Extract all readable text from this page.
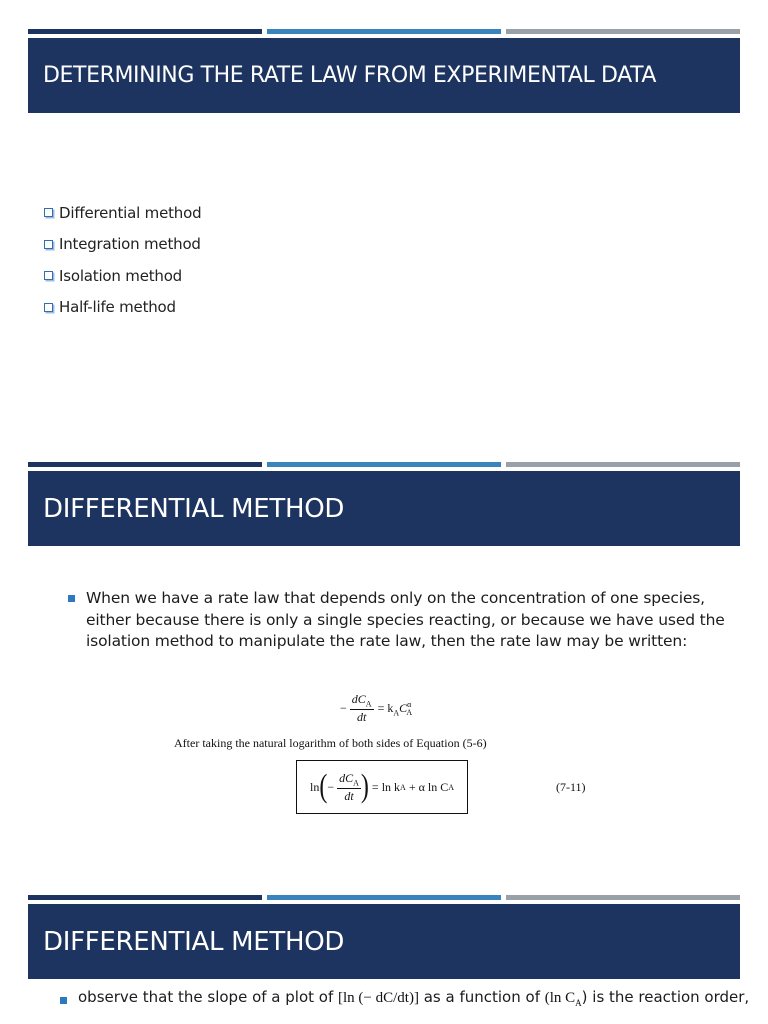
DETERMINING THE RATE LAW FROM EXPERIMENTAL DATA
Differential method
Integration method
Isolation method
Half-life method
DIFFERENTIAL METHOD
When we have a rate law that depends only on the concentration of one species,
either because there is only a single species reacting, or because we have used the
isolation method to manipulate the rate law, then the rate law may be written:
− $\frac{dC_A}{dt} = k_AC^\alpha_A$
After taking the natural logarithm of both sides of Equation (5-6)
ln ( − $\frac{dC_A}{dt}$ ) = ln k A + α ln C A	(7-11)
DIFFERENTIAL METHOD
observe that the slope of a plot of [ln (− dC/dt)] as a function of (ln $C_A$) is the reaction order,
